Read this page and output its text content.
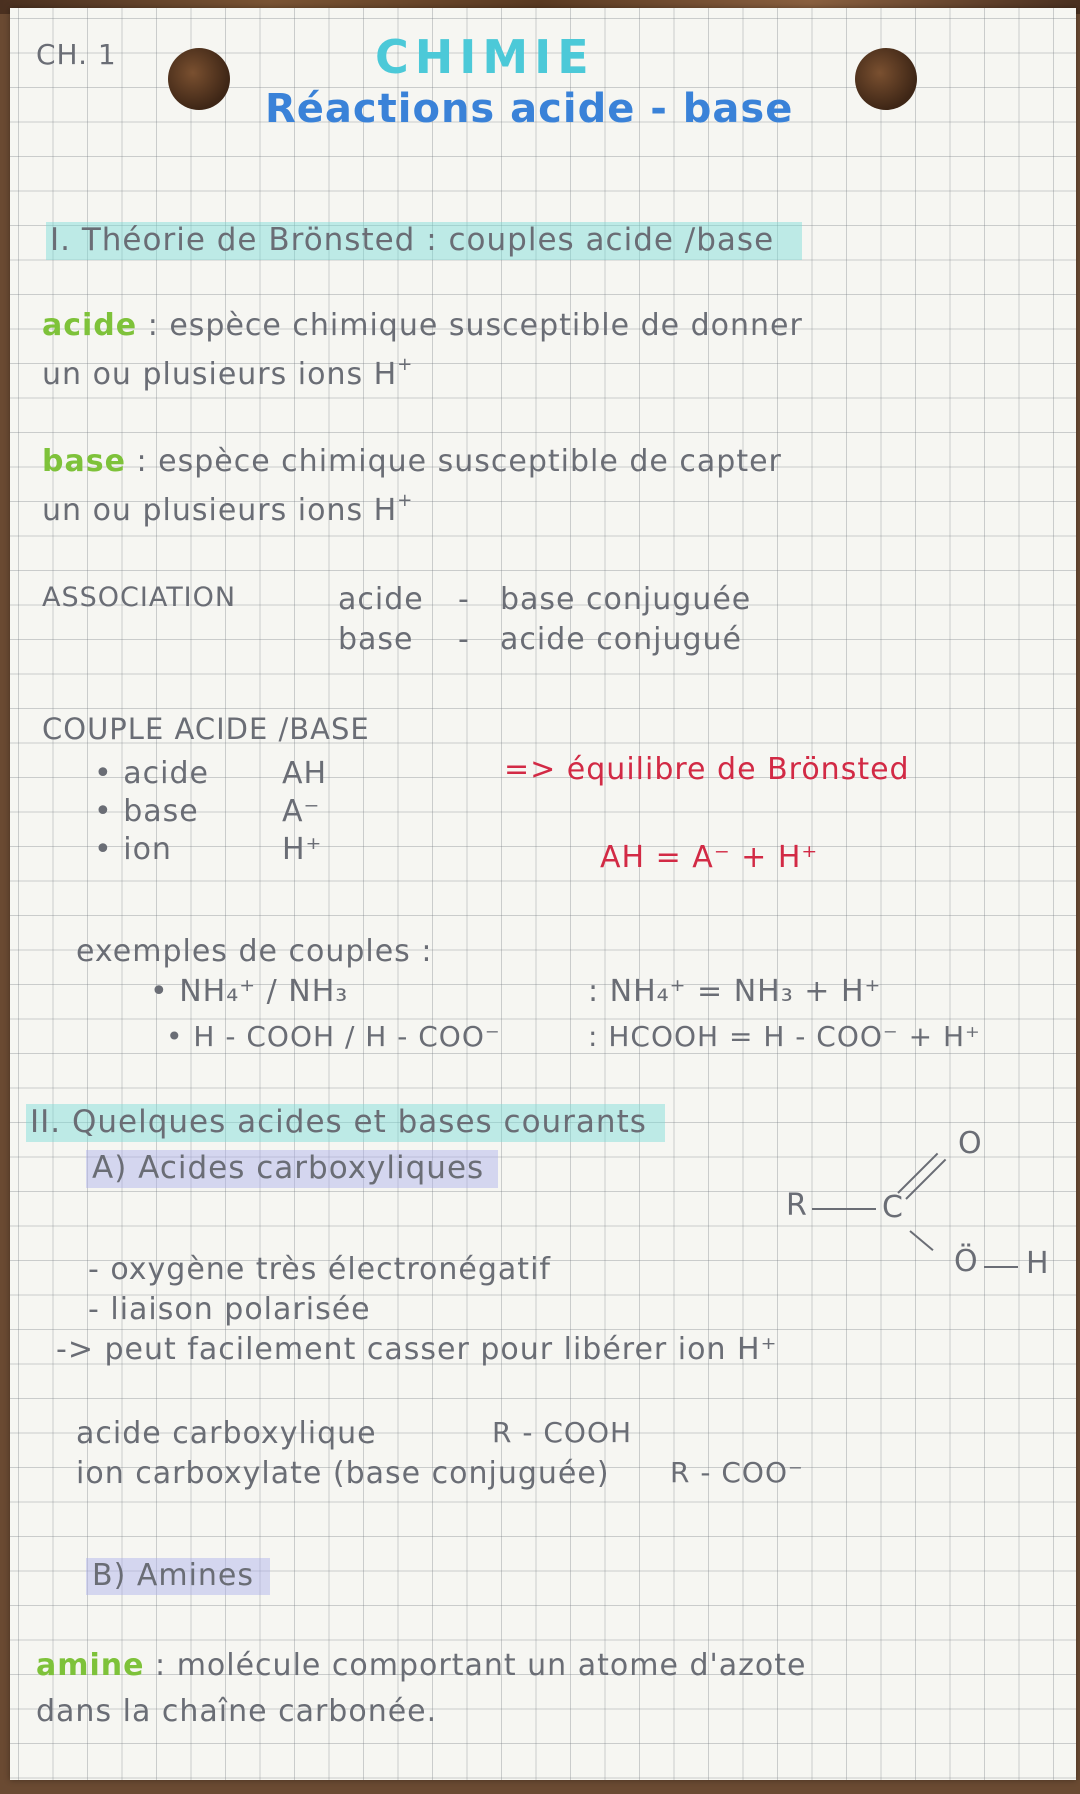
CH. 1	CHIMIE
Réactions acide - base
I. Théorie de Brönsted : couples acide /base
acide : espèce chimique susceptible de donner
un ou plusieurs ions H+
base : espèce chimique susceptible de capter
un ou plusieurs ions H+
ASSOCIATION	acide - base conjuguée
base - acide conjugué
COUPLE ACIDE /BASE
• acide AH
• base	A⁻
• ion	H⁺
=> équilibre de Brönsted
AH = A⁻ + H⁺
exemples de couples :
• NH₄⁺ / NH₃	: NH₄⁺ = NH₃ + H⁺
• H - COOH / H - COO⁻	: HCOOH = H - COO⁻ + H⁺
II. Quelques acides et bases courants
A) Acides carboxyliques
R C
O
Ö H
- oxygène très électronégatif
- liaison polarisée
-> peut facilement casser pour libérer ion H⁺
acide carboxylique	R - COOH
ion carboxylate (base conjuguée) R - COO⁻
B) Amines
amine : molécule comportant un atome d'azote
dans la chaîne carbonée.
